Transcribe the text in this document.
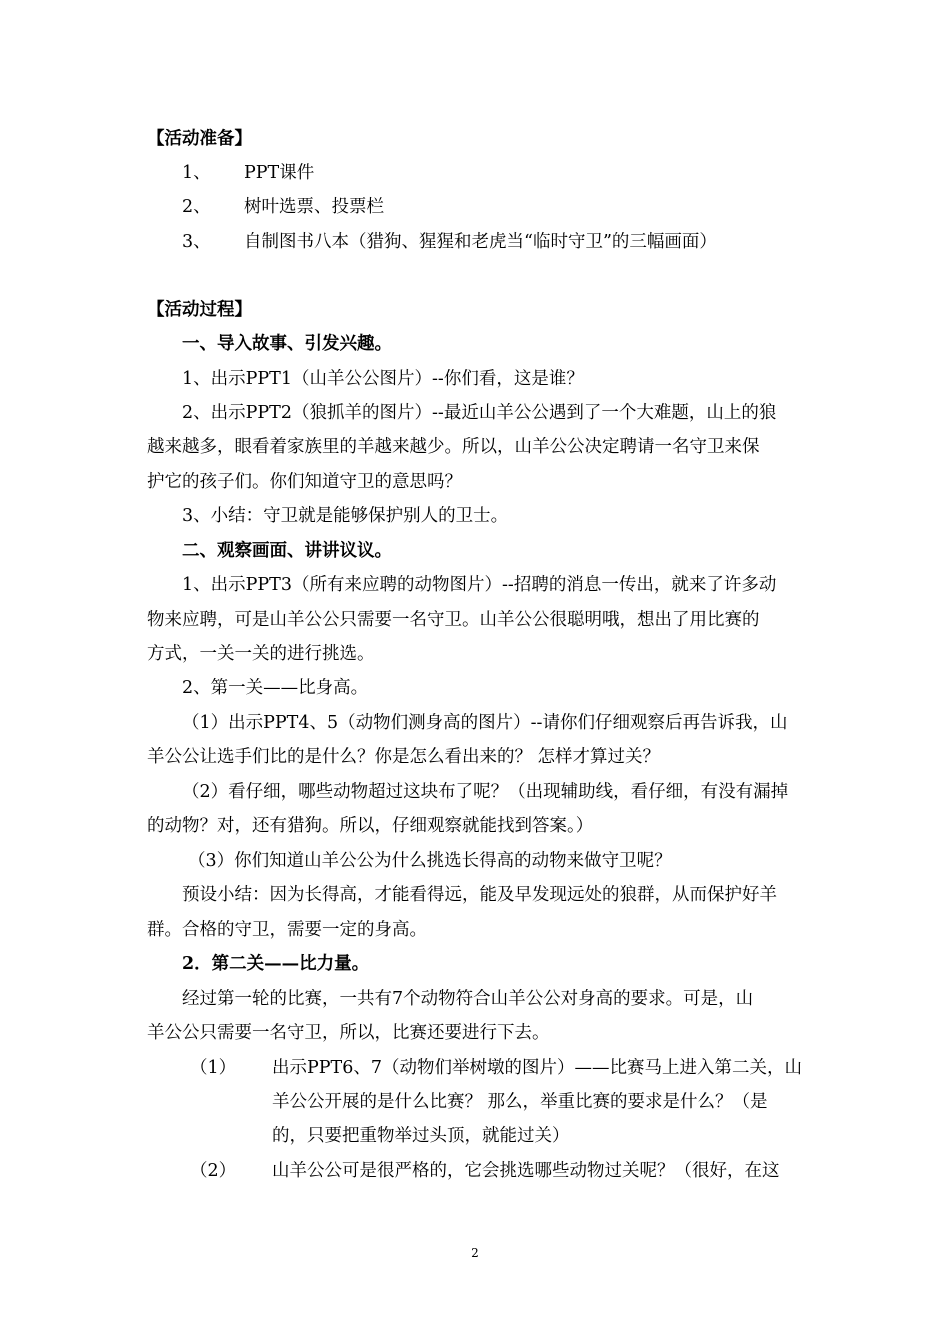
【活动准备】
1、 PPT课件
2、 树叶选票、投票栏
3、 自制图书八本（猎狗、猩猩和老虎当“临时守卫”的三幅画面）
【活动过程】
一、导入故事、引发兴趣。
1、出示PPT1（山羊公公图片）--你们看，这是谁？
2、出示PPT2（狼抓羊的图片）--最近山羊公公遇到了一个大难题，山上的狼
越来越多，眼看着家族里的羊越来越少。所以，山羊公公决定聘请一名守卫来保
护它的孩子们。你们知道守卫的意思吗？
3、小结：守卫就是能够保护别人的卫士。
二、观察画面、讲讲议议。
1、出示PPT3（所有来应聘的动物图片）--招聘的消息一传出，就来了许多动
物来应聘，可是山羊公公只需要一名守卫。山羊公公很聪明哦，想出了用比赛的
方式，一关一关的进行挑选。
2、第一关——比身高。
（1）出示PPT4、5（动物们测身高的图片）--请你们仔细观察后再告诉我，山
羊公公让选手们比的是什么？你是怎么看出来的？ 怎样才算过关？
（2）看仔细，哪些动物超过这块布了呢？（出现辅助线，看仔细，有没有漏掉
的动物？对，还有猎狗。所以，仔细观察就能找到答案。）
（3）你们知道山羊公公为什么挑选长得高的动物来做守卫呢？
预设小结：因为长得高，才能看得远，能及早发现远处的狼群，从而保护好羊
群。合格的守卫，需要一定的身高。
2．第二关——比力量。
经过第一轮的比赛，一共有7个动物符合山羊公公对身高的要求。可是，山
羊公公只需要一名守卫，所以，比赛还要进行下去。
（1） 出示PPT6、7（动物们举树墩的图片）——比赛马上进入第二关，山
羊公公开展的是什么比赛？ 那么，举重比赛的要求是什么？（是
的，只要把重物举过头顶，就能过关）
（2） 山羊公公可是很严格的，它会挑选哪些动物过关呢？（很好，在这
2
